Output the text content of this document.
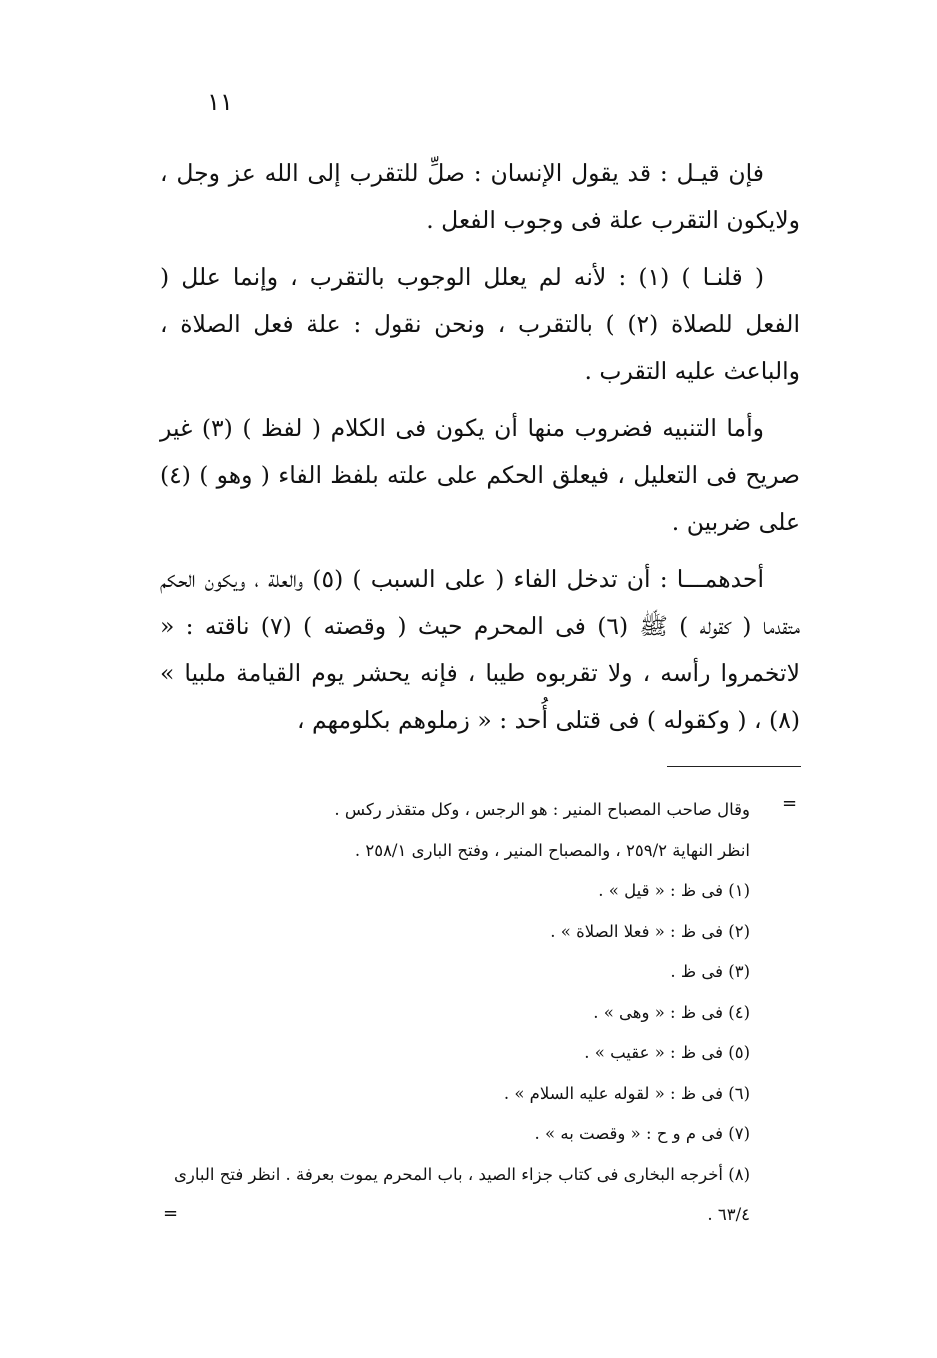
١١

فإن قيـل : قد يقول الإنسان : صلِّ للتقرب إلى الله عز وجل ، ولايكون التقرب علة فى وجوب الفعل .

( قلنـا ) (١) : لأنه لم يعلل الوجوب بالتقرب ، وإنما علل ( الفعل للصلاة (٢) ) بالتقرب ، ونحن نقول : علة فعل الصلاة ، والباعث عليه التقرب .

وأما التنبيه فضروب منها أن يكون فى الكلام ( لفظ ) (٣) غير صريح فى التعليل ، فيعلق الحكم على علته بلفظ الفاء ( وهو ) (٤) على ضربين .

أحدهمـــا : أن تدخل الفاء ( على السبب ) (٥) والعلة ، ويكون الحكم متقدما ( كقوله ) ﷺ (٦) فى المحرم حيث ( وقصته ) (٧) ناقته : « لاتخمروا رأسه ، ولا تقربوه طيبا ، فإنه يحشر يوم القيامة ملبيا » (٨) ، ( وكقوله ) فى قتلى أُحد : « زملوهم بكلومهم ،

=
وقال صاحب المصباح المنير : هو الرجس ، وكل متقذر ركس .
انظر النهاية ٢٥٩/٢ ، والمصباح المنير ، وفتح البارى ٢٥٨/١ .
(١) فى ظ : « قيل » .
(٢) فى ظ : « فعلا الصلاة » .
(٣) فى ظ .
(٤) فى ظ : « وهى » .
(٥) فى ظ : « عقيب » .
(٦) فى ظ : « لقوله عليه السلام » .
(٧) فى م و ح : « وقصت به » .
(٨) أخرجه البخارى فى كتاب جزاء الصيد ، باب المحرم يموت بعرفة . انظر فتح البارى ٦٣/٤ .
=
